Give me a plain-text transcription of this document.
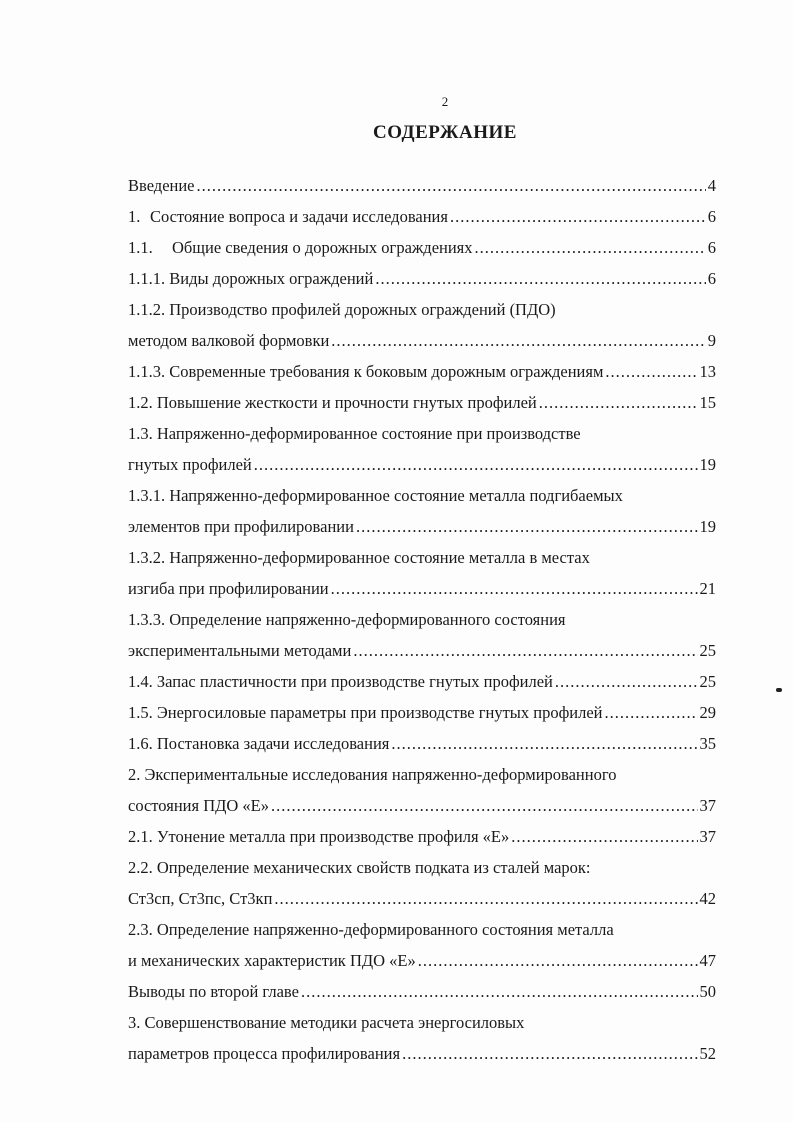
2
СОДЕРЖАНИЕ
Введение .....	4
1. Состояние вопроса и задачи исследования .....	6
1.1. Общие сведения о дорожных ограждениях .....	6
1.1.1. Виды дорожных ограждений .....	6
1.1.2. Производство профилей дорожных ограждений (ПДО)
методом валковой формовки .....	9
1.1.3. Современные требования к боковым дорожным ограждениям .....	13
1.2. Повышение жесткости и прочности гнутых профилей .....	15
1.3. Напряженно-деформированное состояние при производстве
гнутых профилей .....	19
1.3.1. Напряженно-деформированное состояние металла подгибаемых
элементов при профилировании .....	19
1.3.2. Напряженно-деформированное состояние металла в местах
изгиба при профилировании .....	21
1.3.3. Определение напряженно-деформированного состояния
экспериментальными методами .....	25
1.4. Запас пластичности при производстве гнутых профилей .....	25
1.5. Энергосиловые параметры при производстве гнутых профилей .....	29
1.6. Постановка задачи исследования .....	35
2. Экспериментальные исследования напряженно-деформированного
состояния ПДО «Е» .....	37
2.1. Утонение металла при производстве профиля «Е» .....	37
2.2. Определение механических свойств подката из сталей марок:
Ст3сп, Ст3пс, Ст3кп .....	42
2.3. Определение напряженно-деформированного состояния металла
и механических характеристик ПДО «Е» .....	47
Выводы по второй главе .....	50
3. Совершенствование методики расчета энергосиловых
параметров процесса профилирования .....	52
